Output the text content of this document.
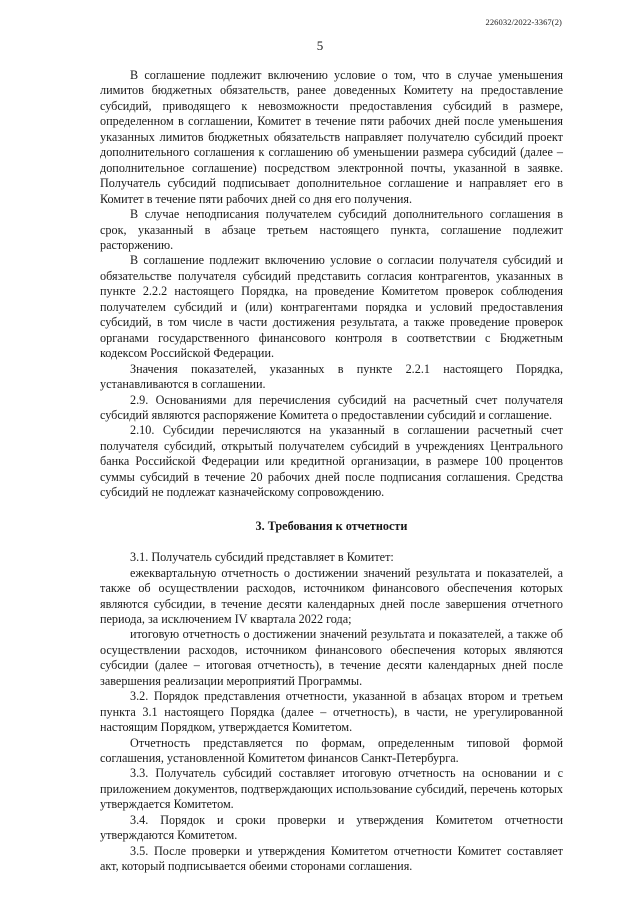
226032/2022-3367(2)
5

В соглашение подлежит включению условие о том, что в случае уменьшения лимитов бюджетных обязательств, ранее доведенных Комитету на предоставление субсидий, приводящего к невозможности предоставления субсидий в размере, определенном в соглашении, Комитет в течение пяти рабочих дней после уменьшения указанных лимитов бюджетных обязательств направляет получателю субсидий проект дополнительного соглашения к соглашению об уменьшении размера субсидий (далее – дополнительное соглашение) посредством электронной почты, указанной в заявке. Получатель субсидий подписывает дополнительное соглашение и направляет его в Комитет в течение пяти рабочих дней со дня его получения.

В случае неподписания получателем субсидий дополнительного соглашения в срок, указанный в абзаце третьем настоящего пункта, соглашение подлежит расторжению.

В соглашение подлежит включению условие о согласии получателя субсидий и обязательстве получателя субсидий представить согласия контрагентов, указанных в пункте 2.2.2 настоящего Порядка, на проведение Комитетом проверок соблюдения получателем субсидий и (или) контрагентами порядка и условий предоставления субсидий, в том числе в части достижения результата, а также проведение проверок органами государственного финансового контроля в соответствии с Бюджетным кодексом Российской Федерации.

Значения показателей, указанных в пункте 2.2.1 настоящего Порядка, устанавливаются в соглашении.

2.9. Основаниями для перечисления субсидий на расчетный счет получателя субсидий являются распоряжение Комитета о предоставлении субсидий и соглашение.

2.10. Субсидии перечисляются на указанный в соглашении расчетный счет получателя субсидий, открытый получателем субсидий в учреждениях Центрального банка Российской Федерации или кредитной организации, в размере 100 процентов суммы субсидий в течение 20 рабочих дней после подписания соглашения. Средства субсидий не подлежат казначейскому сопровождению.

3. Требования к отчетности

3.1. Получатель субсидий представляет в Комитет:

ежеквартальную отчетность о достижении значений результата и показателей, а также об осуществлении расходов, источником финансового обеспечения которых являются субсидии, в течение десяти календарных дней после завершения отчетного периода, за исключением IV квартала 2022 года;

итоговую отчетность о достижении значений результата и показателей, а также об осуществлении расходов, источником финансового обеспечения которых являются субсидии (далее – итоговая отчетность), в течение десяти календарных дней после завершения реализации мероприятий Программы.

3.2. Порядок представления отчетности, указанной в абзацах втором и третьем пункта 3.1 настоящего Порядка (далее – отчетность), в части, не урегулированной настоящим Порядком, утверждается Комитетом.

Отчетность представляется по формам, определенным типовой формой соглашения, установленной Комитетом финансов Санкт-Петербурга.

3.3. Получатель субсидий составляет итоговую отчетность на основании и с приложением документов, подтверждающих использование субсидий, перечень которых утверждается Комитетом.

3.4. Порядок и сроки проверки и утверждения Комитетом отчетности утверждаются Комитетом.

3.5. После проверки и утверждения Комитетом отчетности Комитет составляет акт, который подписывается обеими сторонами соглашения.
